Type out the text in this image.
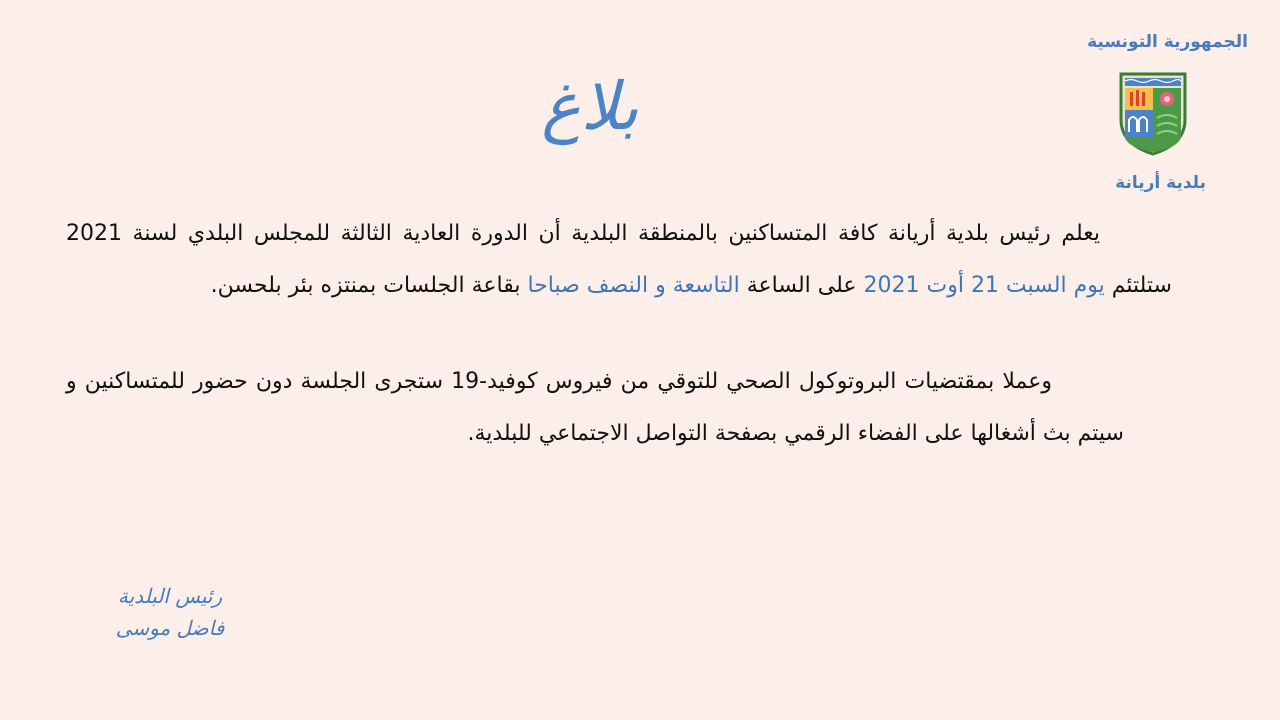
الجمهورية التونسية
بلدية أريانة
بلاغ
يعلم رئيس بلدية أريانة كافة المتساكنين بالمنطقة البلدية أن الدورة العادية الثالثة للمجلس البلدي لسنة 2021 ستلتئم يوم السبت 21 أوت 2021 على الساعة التاسعة و النصف صباحا بقاعة الجلسات بمنتزه بئر بلحسن.
وعملا بمقتضيات البروتوكول الصحي للتوقي من فيروس كوفيد-19 ستجرى الجلسة دون حضور للمتساكنين و سيتم بث أشغالها على الفضاء الرقمي بصفحة التواصل الاجتماعي للبلدية.
رئيس البلدية
فاضل موسى
